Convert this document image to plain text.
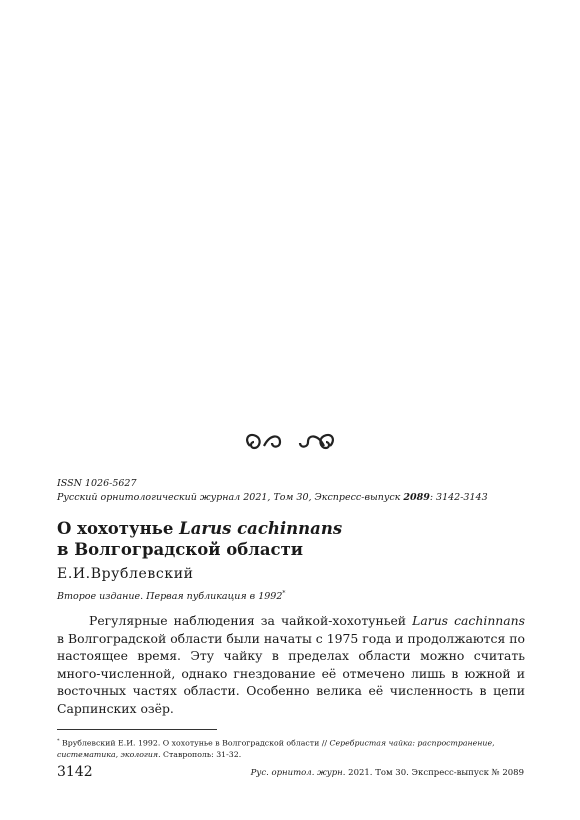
ISSN 1026-5627
Русский орнитологический журнал 2021, Том 30, Экспресс-выпуск 2089: 3142-3143
О хохотунье Larus cachinnans
в Волгоградской области
Е.И.Врублевский
Второе издание. Первая публикация в 1992*

Регулярные наблюдения за чайкой-хохотуньей Larus cachinnans в Волгоградской области были начаты с 1975 года и продолжаются по настоящее время. Эту чайку в пределах области можно считать много-численной, однако гнездование её отмечено лишь в южной и восточных частях области. Особенно велика её численность в цепи Сарпинских озёр.

* Врублевский Е.И. 1992. О хохотунье в Волгоградской области // Серебристая чайка: распространение, систематика, экология. Ставрополь: 31-32.
3142	Рус. орнитол. журн. 2021. Том 30. Экспресс-выпуск № 2089
